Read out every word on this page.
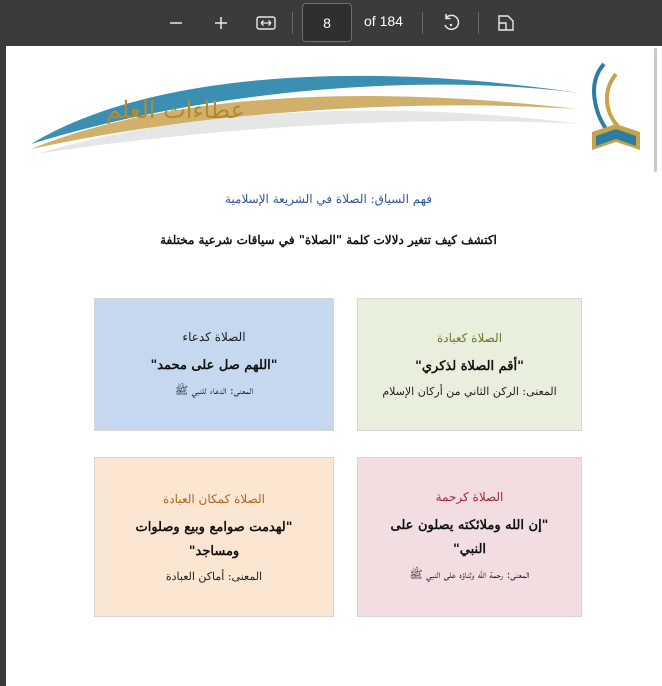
8 of 184
عطاءات العلم
فهم السياق: الصلاة في الشريعة الإسلامية
اكتشف كيف تتغير دلالات كلمة "الصلاة" في سياقات شرعية مختلفة
الصلاة كعبادة
"أقم الصلاة لذكري"
المعنى: الركن الثاني من أركان الإسلام
الصلاة كدعاء
"اللهم صل على محمد"
المعنى: الدعاء للنبي ﷺ
الصلاة كرحمة
"إن الله وملائكته يصلون على النبي"
المعنى: رحمة الله وثناؤه على النبي ﷺ
الصلاة كمكان العبادة
"لهدمت صوامع وبيع وصلوات ومساجد"
المعنى: أماكن العبادة
